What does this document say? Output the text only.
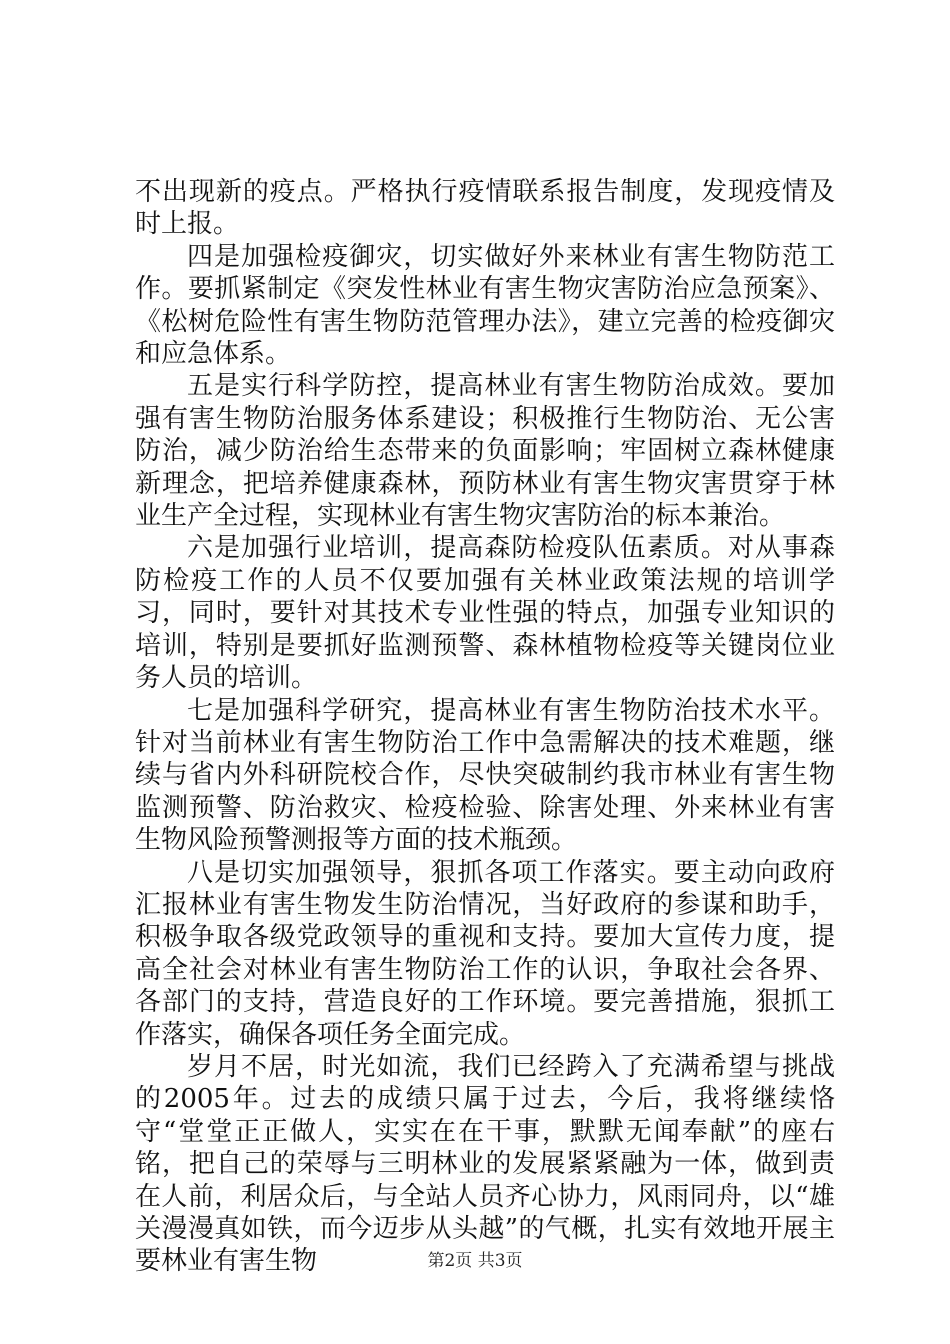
不出现新的疫点。严格执行疫情联系报告制度，发现疫情及时上报。

四是加强检疫御灾，切实做好外来林业有害生物防范工作。要抓紧制定《突发性林业有害生物灾害防治应急预案》、《松树危险性有害生物防范管理办法》，建立完善的检疫御灾和应急体系。

五是实行科学防控，提高林业有害生物防治成效。要加强有害生物防治服务体系建设；积极推行生物防治、无公害防治，减少防治给生态带来的负面影响；牢固树立森林健康新理念，把培养健康森林，预防林业有害生物灾害贯穿于林业生产全过程，实现林业有害生物灾害防治的标本兼治。

六是加强行业培训，提高森防检疫队伍素质。对从事森防检疫工作的人员不仅要加强有关林业政策法规的培训学习，同时，要针对其技术专业性强的特点，加强专业知识的培训，特别是要抓好监测预警、森林植物检疫等关键岗位业务人员的培训。

七是加强科学研究，提高林业有害生物防治技术水平。针对当前林业有害生物防治工作中急需解决的技术难题，继续与省内外科研院校合作，尽快突破制约我市林业有害生物监测预警、防治救灾、检疫检验、除害处理、外来林业有害生物风险预警测报等方面的技术瓶颈。

八是切实加强领导，狠抓各项工作落实。要主动向政府汇报林业有害生物发生防治情况，当好政府的参谋和助手，积极争取各级党政领导的重视和支持。要加大宣传力度，提高全社会对林业有害生物防治工作的认识，争取社会各界、各部门的支持，营造良好的工作环境。要完善措施，狠抓工作落实，确保各项任务全面完成。

岁月不居，时光如流，我们已经跨入了充满希望与挑战的2005年。过去的成绩只属于过去，今后，我将继续恪守“堂堂正正做人，实实在在干事，默默无闻奉献”的座右铭，把自己的荣辱与三明林业的发展紧紧融为一体，做到责在人前，利居众后，与全站人员齐心协力，风雨同舟，以“雄关漫漫真如铁，而今迈步从头越”的气概，扎实有效地开展主要林业有害生物	第2页 共3页
